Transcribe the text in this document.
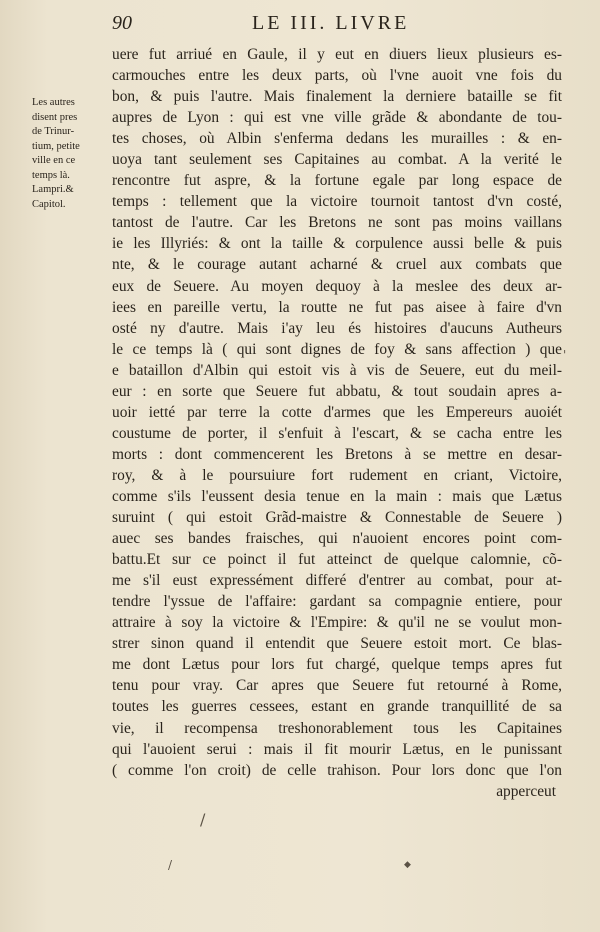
90	LE III. LIVRE
Les autres
disent pres
de Trinur-
tium, petite
ville en ce
temps là.
Lampri.&
Capitol.
uere fut arriué en Gaule, il y eut en diuers lieux plusieurs es-
carmouches entre les deux parts, où l'vne auoit vne fois du
bon, & puis l'autre. Mais finalement la derniere bataille se fit
aupres de Lyon : qui est vne ville grãde & abondante de tou-
tes choses, où Albin s'enferma dedans les murailles : & en-
uoya tant seulement ses Capitaines au combat. A la verité le
rencontre fut aspre, & la fortune egale par long espace de
temps : tellement que la victoire tournoit tantost d'vn costé,
tantost de l'autre. Car les Bretons ne sont pas moins vaillans
ie les Illyriés: & ont la taille & corpulence aussi belle & puis
nte, & le courage autant acharné & cruel aux combats que
eux de Seuere. Au moyen dequoy à la meslee des deux ar-
iees en pareille vertu, la routte ne fut pas aisee à faire d'vn
osté ny d'autre. Mais i'ay leu és histoires d'aucuns Autheurs
le ce temps là ( qui sont dignes de foy & sans affection ) que
e bataillon d'Albin qui estoit vis à vis de Seuere, eut du meil-
eur : en sorte que Seuere fut abbatu, & tout soudain apres a-
uoir ietté par terre la cotte d'armes que les Empereurs auoiét
coustume de porter, il s'enfuit à l'escart, & se cacha entre les
morts : dont commencerent les Bretons à se mettre en desar-
roy, & à le poursuiure fort rudement en criant, Victoire,
comme s'ils l'eussent desia tenue en la main : mais que Lætus
suruint ( qui estoit Grãd-maistre & Connestable de Seuere )
auec ses bandes fraisches, qui n'auoient encores point com-
battu.Et sur ce poinct il fut atteinct de quelque calomnie, cõ-
me s'il eust expressément differé d'entrer au combat, pour at-
tendre l'yssue de l'affaire: gardant sa compagnie entiere, pour
attraire à soy la victoire & l'Empire: & qu'il ne se voulut mon-
strer sinon quand il entendit que Seuere estoit mort. Ce blas-
me dont Lætus pour lors fut chargé, quelque temps apres fut
tenu pour vray. Car apres que Seuere fut retourné à Rome,
toutes les guerres cessees, estant en grande tranquillité de sa
vie, il recompensa treshonorablement tous les Capitaines
qui l'auoient serui : mais il fit mourir Lætus, en le punissant
( comme l'on croit) de celle trahison. Pour lors donc que l'on
apperceut
'
/
/	◆
